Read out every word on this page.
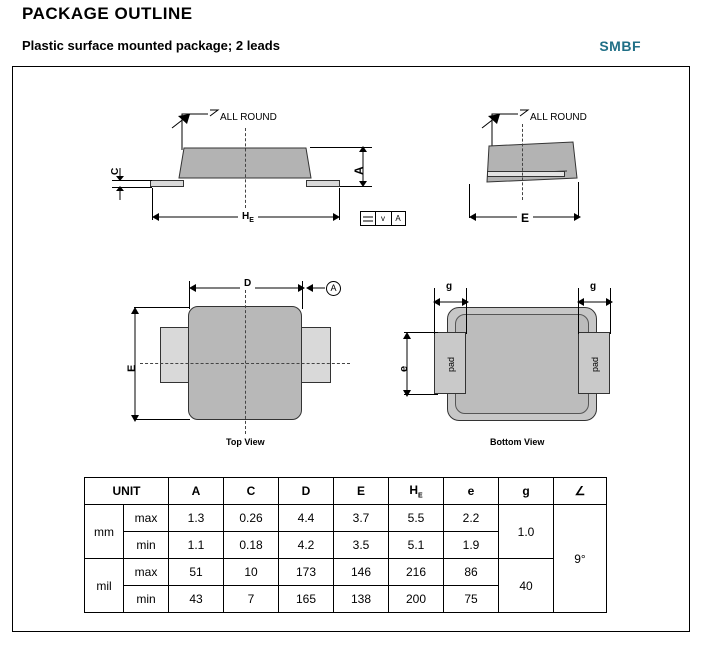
PACKAGE OUTLINE
Plastic surface mounted package; 2 leads	SMBF
ALL ROUND
C	A
$H_E$	v	A
ALL ROUND
E
D	A
E
Top View
pad	pad
g	g
e
Bottom View
UNIT		A	C	D	E	$H_E$	e	g	∠
mm	max	1.3	0.26	4.4	3.7	5.5	2.2	1.0	9°
	min	1.1	0.18	4.2	3.5	5.1	1.9		
mil	max	51	10	173	146	216	86	40	
	min	43	7	165	138	200	75		
